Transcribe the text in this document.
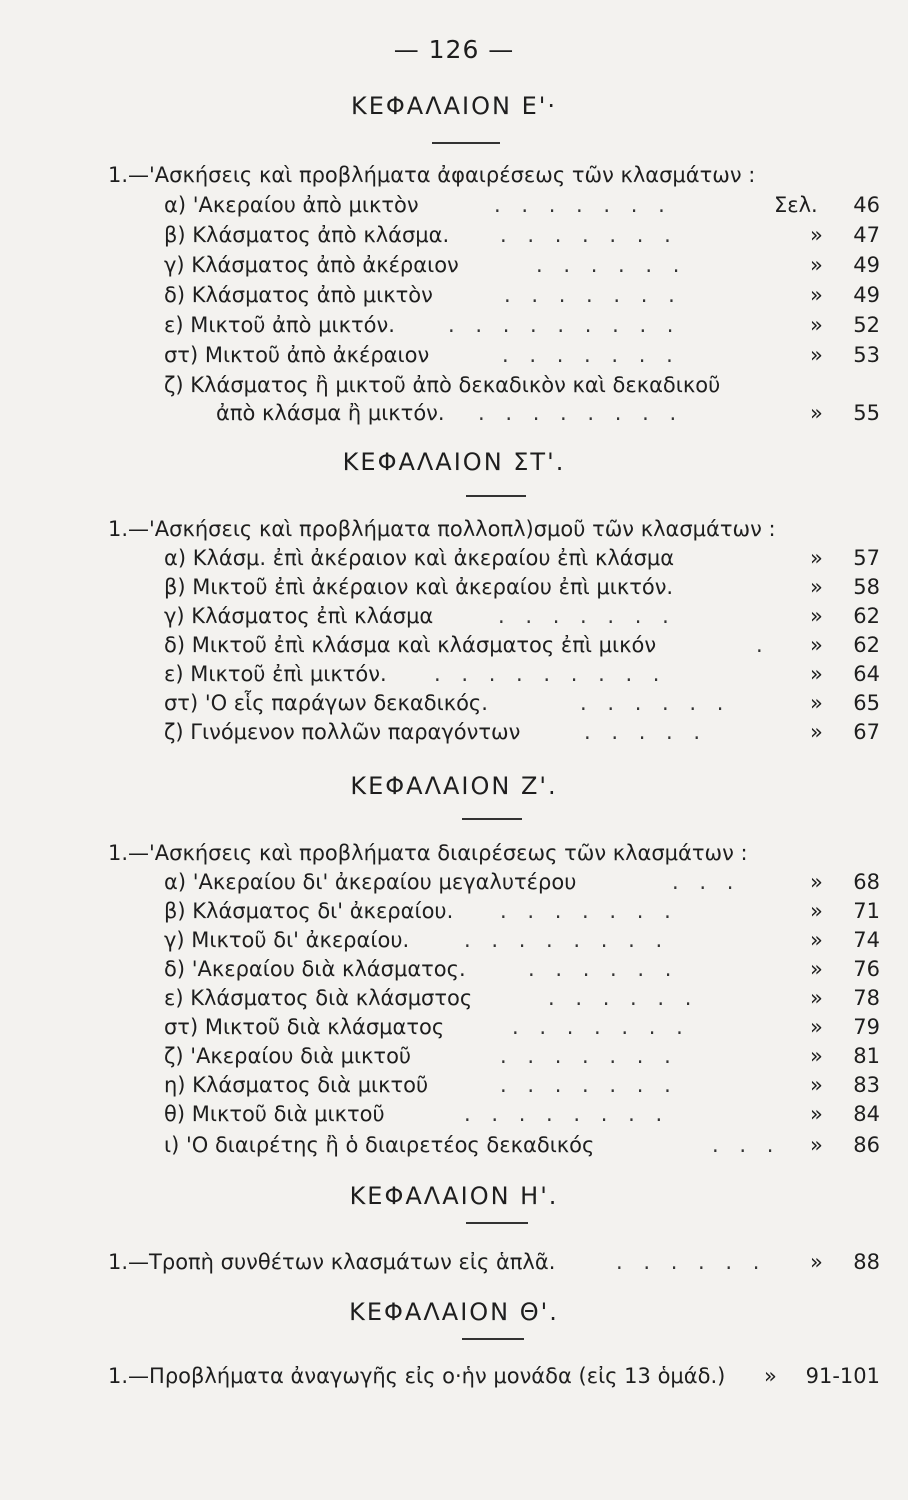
— 126 —
ΚΕΦΑΛΑΙΟΝ Ε'·
1.—'Ασκήσεις καὶ προβλήματα ἀφαιρέσεως τῶν κλασμάτων :
α) 'Ακεραίου ἀπὸ μικτὸν	. . . . . . .	Σελ. 46
β) Κλάσματος ἀπὸ κλάσμα. . . . . . . .	» 47
γ) Κλάσματος ἀπὸ ἀκέραιον	. . . . . .	» 49
δ) Κλάσματος ἀπὸ μικτὸν	. . . . . . .	» 49
ε) Μικτοῦ ἀπὸ μικτόν.	. . . . . . . . .	» 52
στ) Μικτοῦ ἀπὸ ἀκέραιον	. . . . . . .	» 53
ζ) Κλάσματος ἢ μικτοῦ ἀπὸ δεκαδικὸν καὶ δεκαδικοῦ
ἀπὸ κλάσμα ἢ μικτόν. . . . . . . . .	» 55
ΚΕΦΑΛΑΙΟΝ ΣΤ'.
1.—'Ασκήσεις καὶ προβλήματα πολλοπλ)σμοῦ τῶν κλασμάτων :
α) Κλάσμ. ἐπὶ ἀκέραιον καὶ ἀκεραίου ἐπὶ κλάσμα	» 57
β) Μικτοῦ ἐπὶ ἀκέραιον καὶ ἀκεραίου ἐπὶ μικτόν.	» 58
γ) Κλάσματος ἐπὶ κλάσμα	. . . . . . .	» 62
δ) Μικτοῦ ἐπὶ κλάσμα καὶ κλάσματος ἐπὶ μικόν	. » 62
ε) Μικτοῦ ἐπὶ μικτόν. . . . . . . . . .	» 64
στ) 'Ο εἷς παράγων δεκαδικός.	. . . . . .	» 65
ζ) Γινόμενον πολλῶν παραγόντων	. . . . .	» 67
ΚΕΦΑΛΑΙΟΝ Ζ'.
1.—'Ασκήσεις καὶ προβλήματα διαιρέσεως τῶν κλασμάτων :
α) 'Ακεραίου δι' ἀκεραίου μεγαλυτέρου	. . .	» 68
β) Κλάσματος δι' ἀκεραίου. . . . . . . .	» 71
γ) Μικτοῦ δι' ἀκεραίου.	. . . . . . . .	» 74
δ) 'Ακεραίου διὰ κλάσματος.	. . . . . .	» 76
ε) Κλάσματος διὰ κλάσμστος	. . . . . .	» 78
στ) Μικτοῦ διὰ κλάσματος	. . . . . . .	» 79
ζ) 'Ακεραίου διὰ μικτοῦ	. . . . . . .	» 81
η) Κλάσματος διὰ μικτοῦ	. . . . . . .	» 83
θ) Μικτοῦ διὰ μικτοῦ	. . . . . . . .	» 84
ι) 'Ο διαιρέτης ἢ ὁ διαιρετέος δεκαδικός	. . . » 86
ΚΕΦΑΛΑΙΟΝ Η'.
1.—Τροπὴ συνθέτων κλασμάτων εἰς ἁπλᾶ.	. . . . . . » 88
ΚΕΦΑΛΑΙΟΝ Θ'.
1.—Προβλήματα ἀναγωγῆς εἰς ο·ἡν μονάδα (εἰς 13 ὁμάδ.) » 91-101
